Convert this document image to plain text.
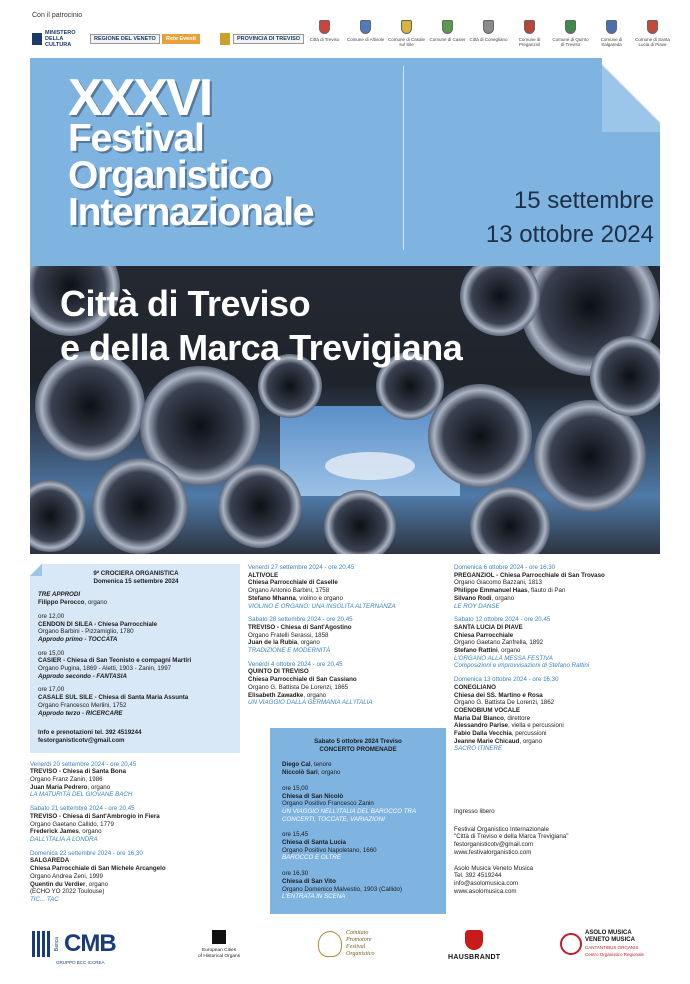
Con il patrocinio
MINISTERO DELLA CULTURA
REGIONE DEL VENETO	Rete Eventi	PROVINCIA DI TREVISO	Città di Treviso Comune di Altivole Comune di Casale sul Sile
Comune di Casier Città di Conegliano	Comune di Preganziol
Comune di Quinto di Treviso
Comune di Salgareda
Comune di Santa Lucia di Piave
XXXVI
Festival
Organistico
Internazionale	15 settembre
13 ottobre 2024
Città di Treviso
e della Marca Trevigiana
9ª CROCIERA ORGANISTICA
Domenica 15 settembre 2024
TRE APPRODI
Filippo Perocco, organo
ore 12,00
CENDON DI SILEA - Chiesa Parrocchiale
Organo Barbini - Pizzamiglio, 1780
Approdo primo - TOCCATA
ore 15,00
CASIER - Chiesa di San Teonisto e compagni Martiri
Organo Pugina, 1869 - Aletti, 1903 - Zanin, 1997
Approdo secondo - FANTASIA
ore 17,00
CASALE SUL SILE - Chiesa di Santa Maria Assunta
Organo Francesco Merlini, 1752
Approdo terzo - RICERCARE
Info e prenotazioni tel. 392 4519244
festorganisticotv@gmail.com
Venerdì 20 settembre 2024 - ore 20,45
TREVISO - Chiesa di Santa Bona
Organo Franz Zanin, 1986
Juan Maria Pedrero, organo
LA MATURITÀ DEL GIOVANE BACH
Sabato 21 settembre 2024 - ore 20,45
TREVISO - Chiesa di Sant'Ambrogio in Fiera
Organo Gaetano Callido, 1779
Frederick James, organo
DALL'ITALIA A LONDRA
Domenica 22 settembre 2024 - ore 16,30
SALGAREDA
Chiesa Parrocchiale di San Michele Arcangelo
Organo Andrea Zeni, 1999
Quentin du Verdier, organo
(ECHO YO 2022 Toulouse)
TIC... TAC
Venerdì 27 settembre 2024 - ore 20,45
ALTIVOLE
Chiesa Parrocchiale di Caselle
Organo Antonio Barbini, 1758
Stefano Mhanna, violino e organo
VIOLINO E ORGANO: UNA INSOLITA ALTERNANZA
Sabato 28 settembre 2024 - ore 20,45
TREVISO - Chiesa di Sant'Agostino
Organo Fratelli Serassi, 1858
Juan de la Rubia, organo
TRADIZIONE E MODERNITÀ
Venerdì 4 ottobre 2024 - ore 20,45
QUINTO DI TREVISO
Chiesa Parrocchiale di San Cassiano
Organo G. Battista De Lorenzi, 1865
Elisabeth Zawadke, organo
UN VIAGGIO DALLA GERMANIA ALL'ITALIA
Sabato 5 ottobre 2024 Treviso
CONCERTO PROMENADE
Diego Cal, tenore
Niccolò Sari, organo
ore 15,00
Chiesa di San Nicolò
Organo Positivo Francesco Zanin
UN VIAGGIO NELL'ITALIA DEL BAROCCO TRA CONCERTI, TOCCATE, VARIAZIONI
ore 15,45
Chiesa di Santa Lucia
Organo Positivo Napoletano, 1660
BAROCCO E OLTRE
ore 16,30
Chiesa di San Vito
Organo Domenico Malvestio, 1903 (Callido)
L'ENTRATA IN SCENA
Domenica 6 ottobre 2024 - ore 16,30
PREGANZIOL - Chiesa Parrocchiale di San Trovaso
Organo Giacomo Bazzani, 1813
Philippe Emmanuel Haas, flauto di Pan
Silvano Rodi, organo
LE ROY DANSE
Sabato 12 ottobre 2024 - ore 20,45
SANTA LUCIA DI PIAVE
Chiesa Parrocchiale
Organo Gaetano Zanfrella, 1892
Stefano Rattini, organo
L'ORGANO ALLA MESSA FESTIVA
Composizioni e improvvisazioni di Stefano Rattini
Domenica 13 ottobre 2024 - ore 16,30
CONEGLIANO
Chiesa dei SS. Martino e Rosa
Organo G. Battista De Lorenzi, 1862
COENOBIUM VOCALE
Maria Dal Bianco, direttore
Alessandro Parise, viella e percussioni
Fabio Dalla Vecchia, percussioni
Jeanne Marie Chicaud, organo
SACRO ITINERE
Ingresso libero
Festival Organistico Internazionale
"Città di Treviso e della Marca Trevigiana"
festorganisticotv@gmail.com
www.festivalorganistico.com
Asolo Musica Veneto Musica
Tel. 392 4519244
info@asolomusica.com
www.asolomusica.com
Banca CMB
GRUPPO BCC ICCREA
European Cities
of Historical Organs
Comitato
Promotore
Festival
Organistico	HAUSBRANDT
ASOLO MUSICA
VENETO MUSICA
CANTANTIBUS ORGANIS
Centro Organistico Regionale
